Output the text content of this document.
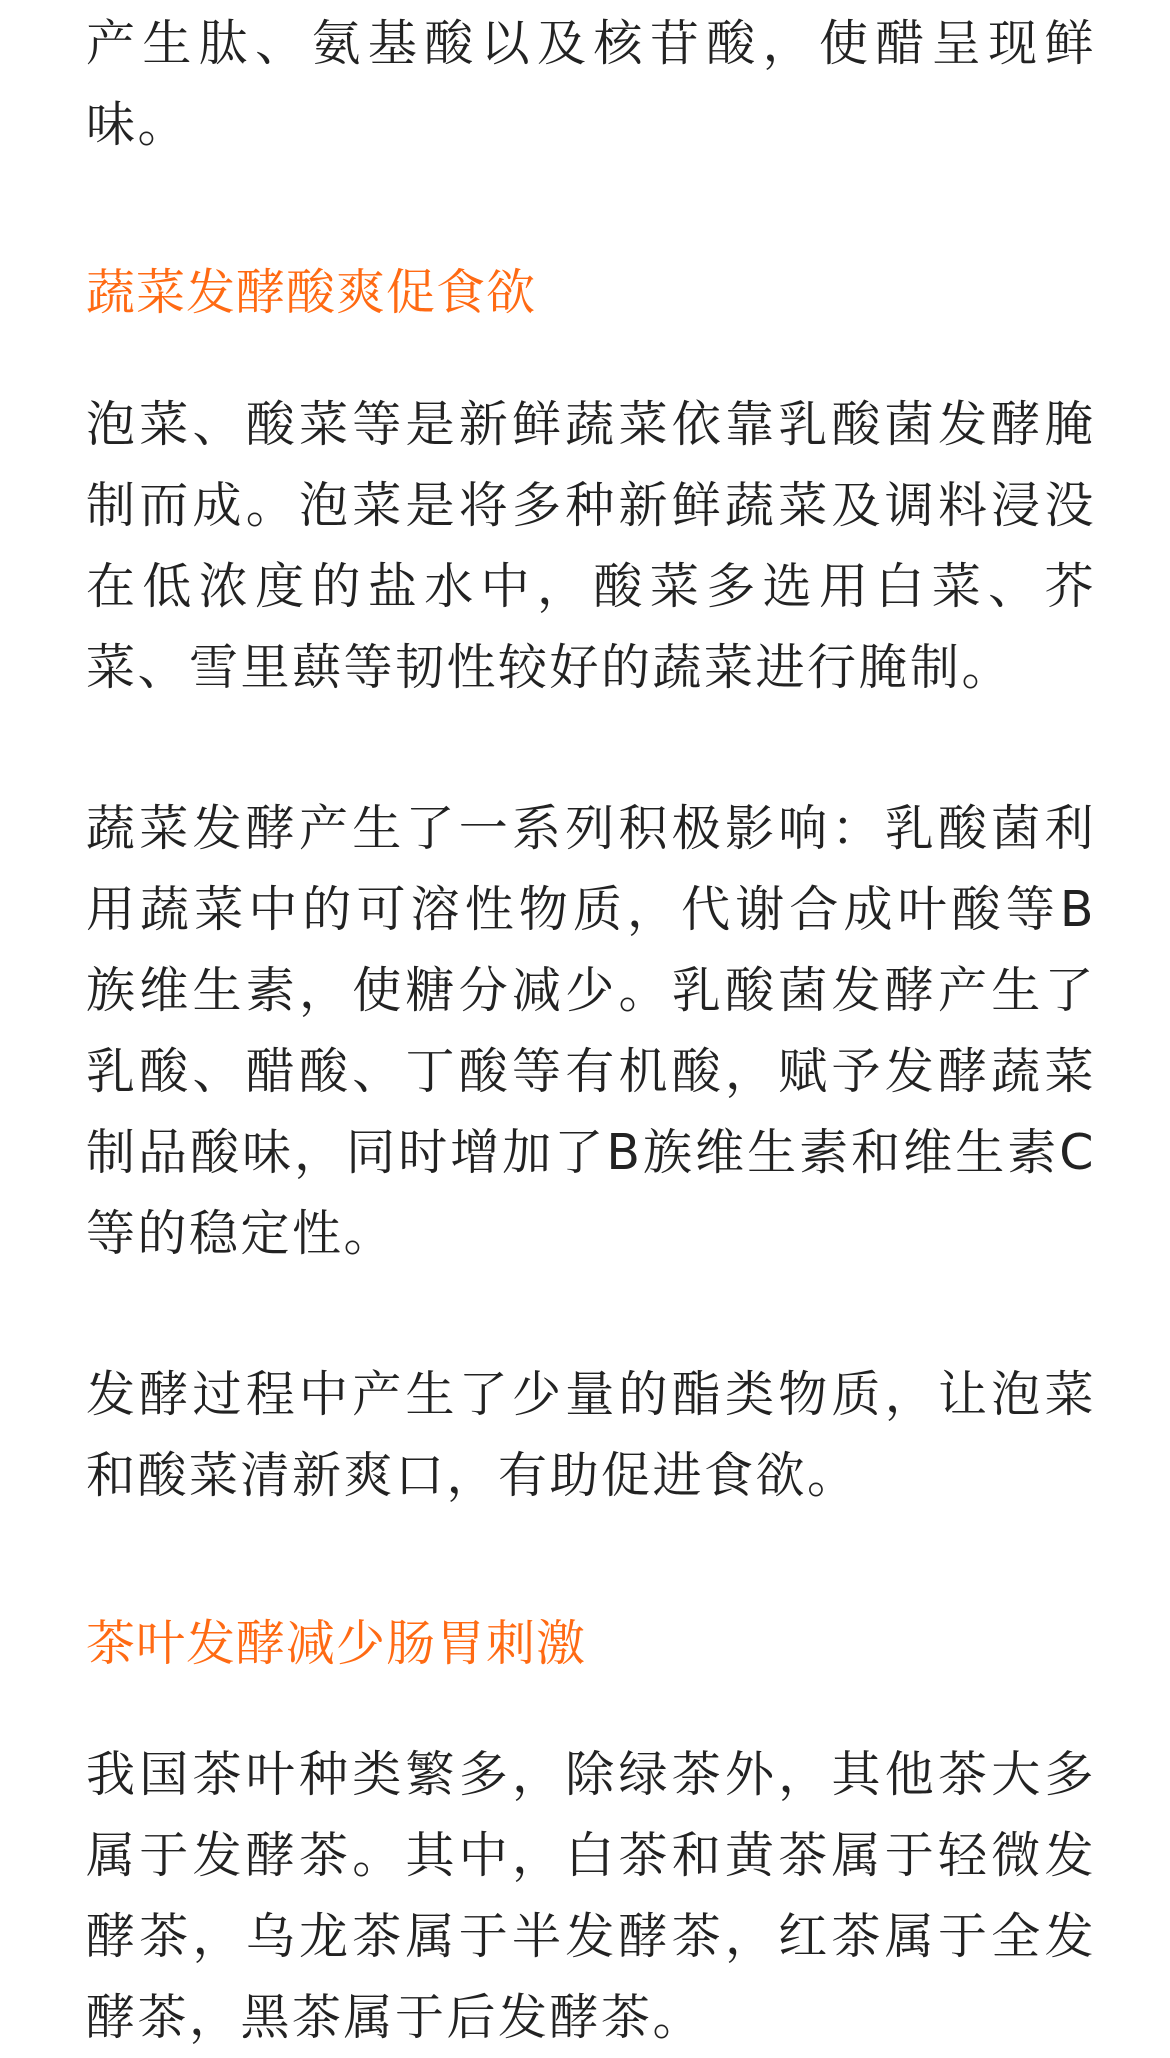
产生肽、氨基酸以及核苷酸，使醋呈现鲜味。

蔬菜发酵酸爽促食欲

泡菜、酸菜等是新鲜蔬菜依靠乳酸菌发酵腌制而成。泡菜是将多种新鲜蔬菜及调料浸没在低浓度的盐水中，酸菜多选用白菜、芥菜、雪里蕻等韧性较好的蔬菜进行腌制。

蔬菜发酵产生了一系列积极影响：乳酸菌利用蔬菜中的可溶性物质，代谢合成叶酸等B族维生素，使糖分减少。乳酸菌发酵产生了乳酸、醋酸、丁酸等有机酸，赋予发酵蔬菜制品酸味，同时增加了B族维生素和维生素C等的稳定性。

发酵过程中产生了少量的酯类物质，让泡菜和酸菜清新爽口，有助促进食欲。

茶叶发酵减少肠胃刺激

我国茶叶种类繁多，除绿茶外，其他茶大多属于发酵茶。其中，白茶和黄茶属于轻微发酵茶，乌龙茶属于半发酵茶，红茶属于全发酵茶，黑茶属于后发酵茶。
